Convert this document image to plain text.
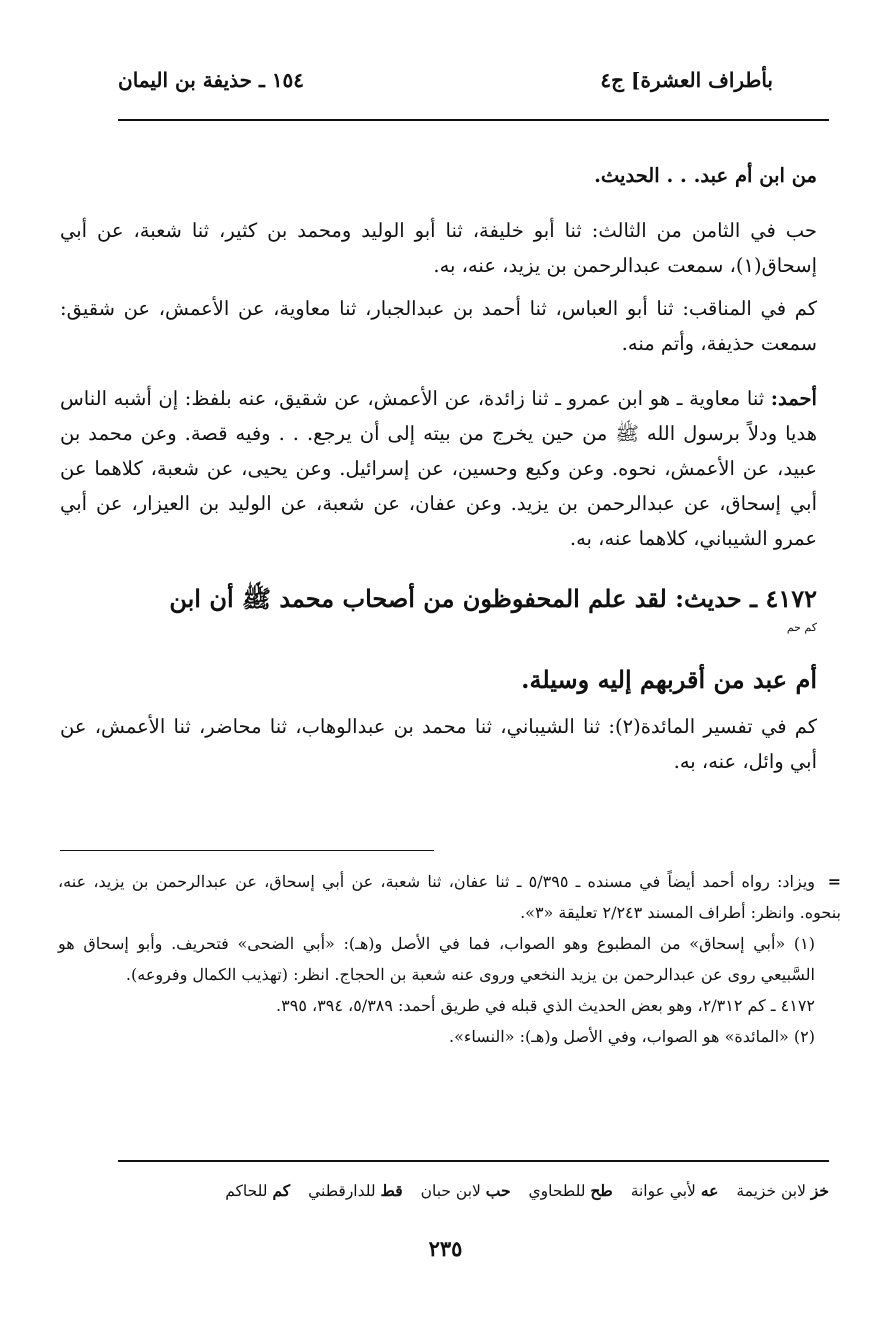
بأطراف العشرة] ج٤
١٥٤ ـ حذيفة بن اليمان

من ابن أم عبد. . . الحديث.

حب في الثامن من الثالث: ثنا أبو خليفة، ثنا أبو الوليد ومحمد بن كثير، ثنا شعبة، عن أبي إسحاق(١)، سمعت عبدالرحمن بن يزيد، عنه، به.

كم في المناقب: ثنا أبو العباس، ثنا أحمد بن عبدالجبار، ثنا معاوية، عن الأعمش، عن شقيق: سمعت حذيفة، وأتم منه.

أحمد: ثنا معاوية ـ هو ابن عمرو ـ ثنا زائدة، عن الأعمش، عن شقيق، عنه بلفظ: إن أشبه الناس هديا ودلاً برسول الله ﷺ من حين يخرج من بيته إلى أن يرجع. . . وفيه قصة. وعن محمد بن عبيد، عن الأعمش، نحوه. وعن وكيع وحسين، عن إسرائيل. وعن يحيى، عن شعبة، كلاهما عن أبي إسحاق، عن عبدالرحمن بن يزيد. وعن عفان، عن شعبة، عن الوليد بن العيزار، عن أبي عمرو الشيباني، كلاهما عنه، به.

٤١٧٢ ـ حديث: لقد علم المحفوظون من أصحاب محمد ﷺ أن ابن
$^{كم حم}$
أم عبد من أقربهم إليه وسيلة.

كم في تفسير المائدة(٢): ثنا الشيباني، ثنا محمد بن عبدالوهاب، ثنا محاضر، ثنا الأعمش، عن أبي وائل، عنه، به.

=ويزاد: رواه أحمد أيضاً في مسنده ـ ٥/٣٩٥ ـ ثنا عفان، ثنا شعبة، عن أبي إسحاق، عن عبدالرحمن بن يزيد، عنه، بنحوه. وانظر: أطراف المسند ٢/٢٤٣ تعليقة «٣».

(١) «أبي إسحاق» من المطبوع وهو الصواب، فما في الأصل و(هـ): «أبي الضحى» فتحريف. وأبو إسحاق هو السَّبيعي روى عن عبدالرحمن بن يزيد النخعي وروى عنه شعبة بن الحجاج. انظر: (تهذيب الكمال وفروعه).

٤١٧٢ ـ كم ٢/٣١٢، وهو بعض الحديث الذي قبله في طريق أحمد: ٥/٣٨٩، ٣٩٤، ٣٩٥.

(٢) «المائدة» هو الصواب، وفي الأصل و(هـ): «النساء».

خز لابن خزيمة عه لأبي عوانة طح للطحاوي حب لابن حبان قط للدارقطني كم للحاكم
٢٣٥
